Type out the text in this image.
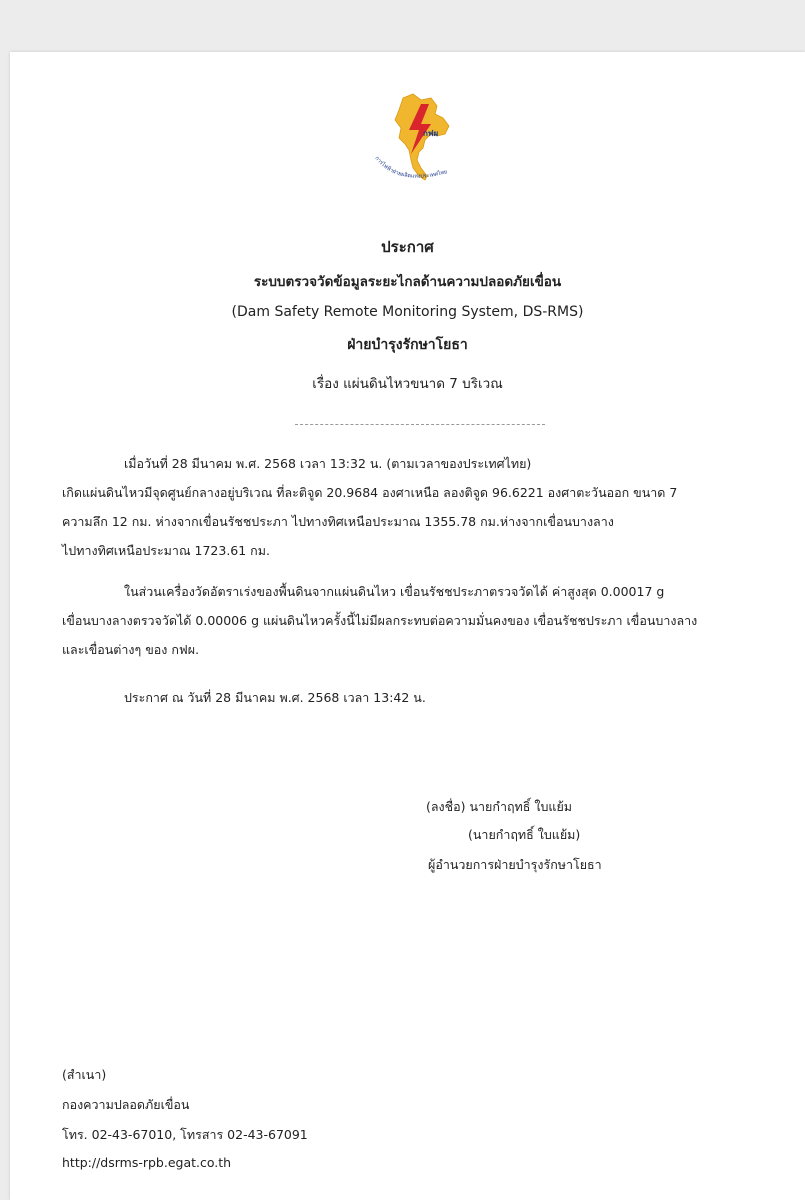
กฟผ
การไฟฟ้าฝ่ายผลิตแห่งประเทศไทย
ประกาศ
ระบบตรวจวัดข้อมูลระยะไกลด้านความปลอดภัยเขื่อน
(Dam Safety Remote Monitoring System, DS-RMS)
ฝ่ายบำรุงรักษาโยธา
เรื่อง แผ่นดินไหวขนาด 7 บริเวณ
เมื่อวันที่ 28 มีนาคม พ.ศ. 2568 เวลา 13:32 น. (ตามเวลาของประเทศไทย)
เกิดแผ่นดินไหวมีจุดศูนย์กลางอยู่บริเวณ ที่ละติจูด 20.9684 องศาเหนือ ลองติจูด 96.6221 องศาตะวันออก ขนาด 7
ความลึก 12 กม. ห่างจากเขื่อนรัชชประภา ไปทางทิศเหนือประมาณ 1355.78 กม.ห่างจากเขื่อนบางลาง
ไปทางทิศเหนือประมาณ 1723.61 กม.
ในส่วนเครื่องวัดอัตราเร่งของพื้นดินจากแผ่นดินไหว เขื่อนรัชชประภาตรวจวัดได้ ค่าสูงสุด 0.00017 g
เขื่อนบางลางตรวจวัดได้ 0.00006 g แผ่นดินไหวครั้งนี้ไม่มีผลกระทบต่อความมั่นคงของ เขื่อนรัชชประภา เขื่อนบางลาง
และเขื่อนต่างๆ ของ กฟผ.
ประกาศ ณ วันที่ 28 มีนาคม พ.ศ. 2568 เวลา 13:42 น.
(ลงชื่อ) นายกำฤทธิ์ ใบแย้ม
(นายกำฤทธิ์ ใบแย้ม)
ผู้อำนวยการฝ่ายบำรุงรักษาโยธา
(สำเนา)
กองความปลอดภัยเขื่อน
โทร. 02-43-67010, โทรสาร 02-43-67091
http://dsrms-rpb.egat.co.th
